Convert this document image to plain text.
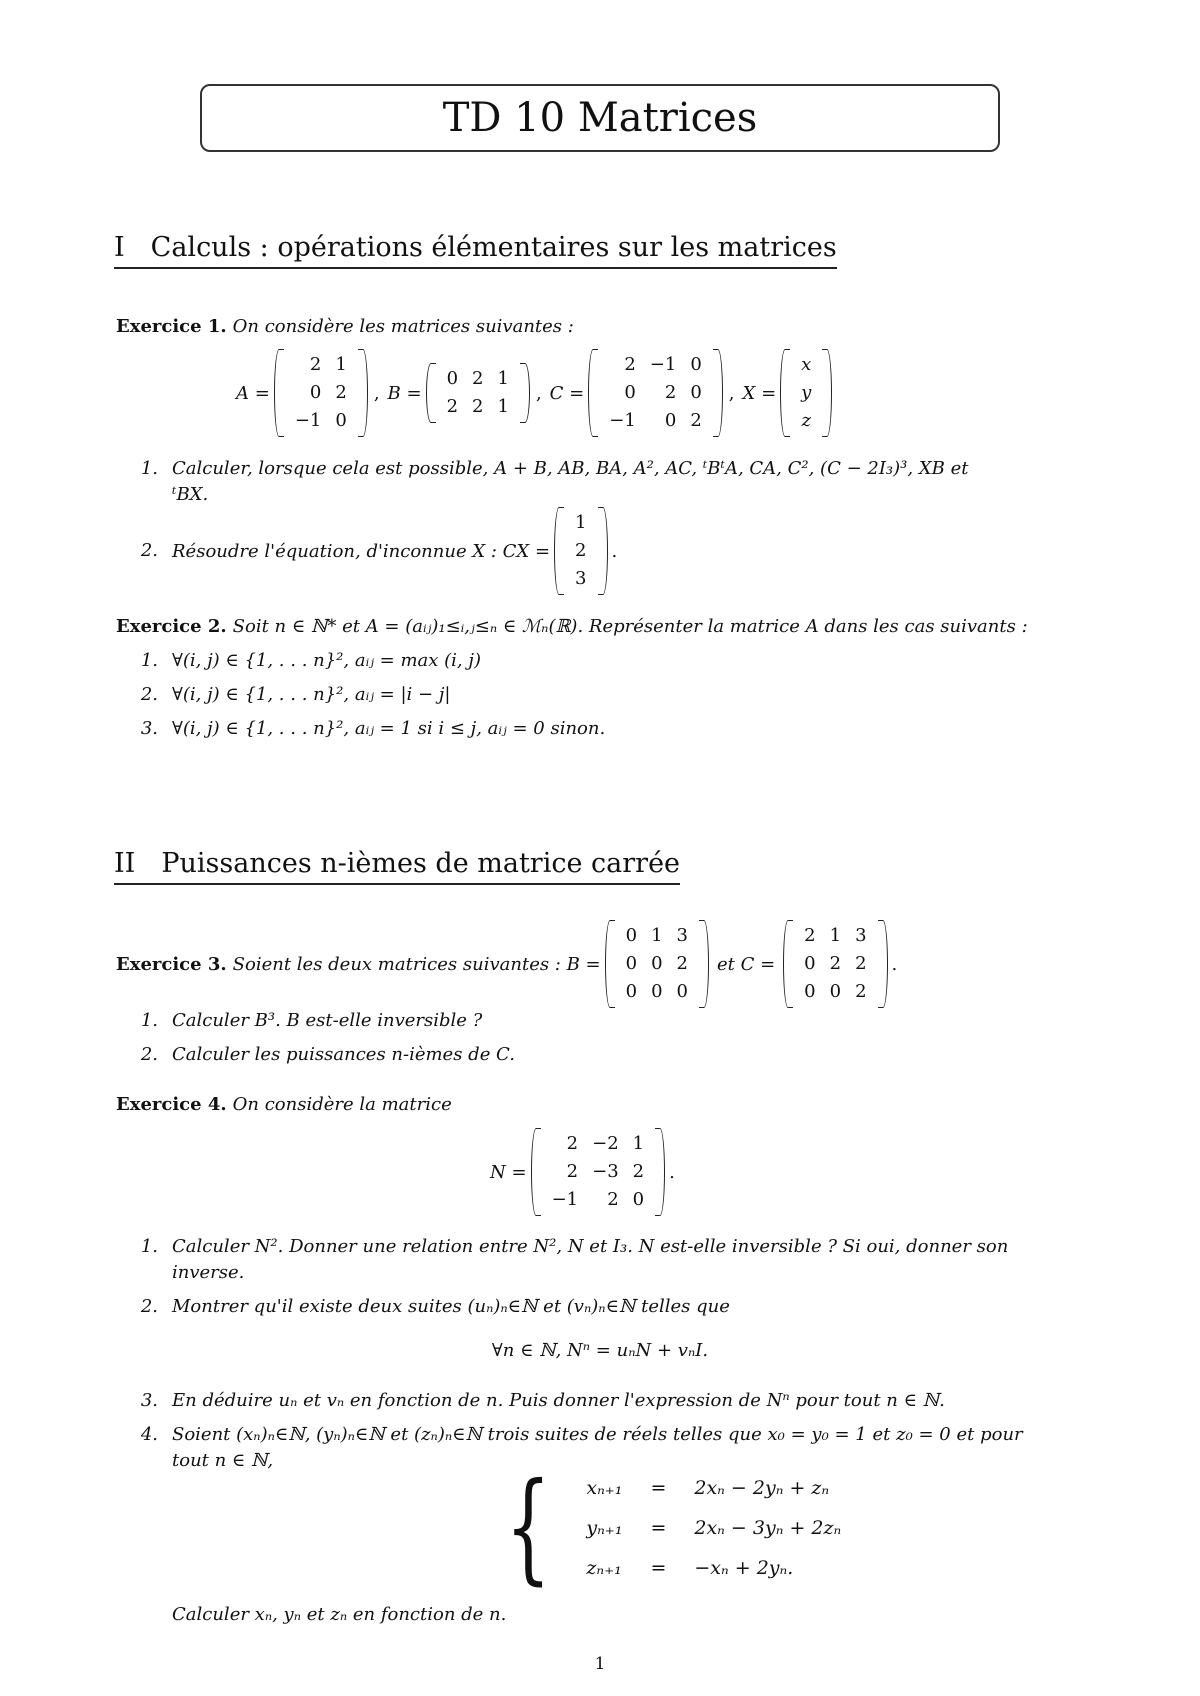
TD 10 Matrices
I Calculs : opérations élémentaires sur les matrices
Exercice 1. On considère les matrices suivantes :
A =
2	1
0	2
−1	0
, B =
0	2	1
2	2	1
, C =
2	−1	0
0	2	0
−1	0	2
, X =
x
y
z
1. Calculer, lorsque cela est possible, A + B, AB, BA, A², AC, ᵗBᵗA, CA, C², (C − 2I₃)³, XB et
ᵗBX.
2. Résoudre l'équation, d'inconnue X : CX =
1
2
3
.
Exercice 2. Soit n ∈ ℕ* et A = (aᵢⱼ)₁≤ᵢ,ⱼ≤ₙ ∈ ℳₙ(ℝ). Représenter la matrice A dans les cas suivants :
1. ∀(i, j) ∈ {1, . . . n}², aᵢⱼ = max (i, j)
2. ∀(i, j) ∈ {1, . . . n}², aᵢⱼ = |i − j|
3. ∀(i, j) ∈ {1, . . . n}², aᵢⱼ = 1 si i ≤ j, aᵢⱼ = 0 sinon.
II Puissances n-ièmes de matrice carrée
Exercice 3. Soient les deux matrices suivantes : B =
0	1	3
0	0	2
0	0	0
et C =
2	1	3
0	2	2
0	0	2
.
1. Calculer B³. B est-elle inversible ?
2. Calculer les puissances n-ièmes de C.
Exercice 4. On considère la matrice
N =
2	−2	1
2	−3	2
−1	2	0
.
1. Calculer N². Donner une relation entre N², N et I₃. N est-elle inversible ? Si oui, donner son
inverse.
2. Montrer qu'il existe deux suites (uₙ)ₙ∈ℕ et (vₙ)ₙ∈ℕ telles que
∀n ∈ ℕ, Nⁿ = uₙN + vₙI.
3. En déduire uₙ et vₙ en fonction de n. Puis donner l'expression de Nⁿ pour tout n ∈ ℕ.
4. Soient (xₙ)ₙ∈ℕ, (yₙ)ₙ∈ℕ et (zₙ)ₙ∈ℕ trois suites de réels telles que x₀ = y₀ = 1 et z₀ = 0 et pour
tout n ∈ ℕ, { xₙ₊₁	=	2xₙ − 2yₙ + zₙ
yₙ₊₁	=	2xₙ − 3yₙ + 2zₙ
zₙ₊₁	=	−xₙ + 2yₙ.
Calculer xₙ, yₙ et zₙ en fonction de n.
1
